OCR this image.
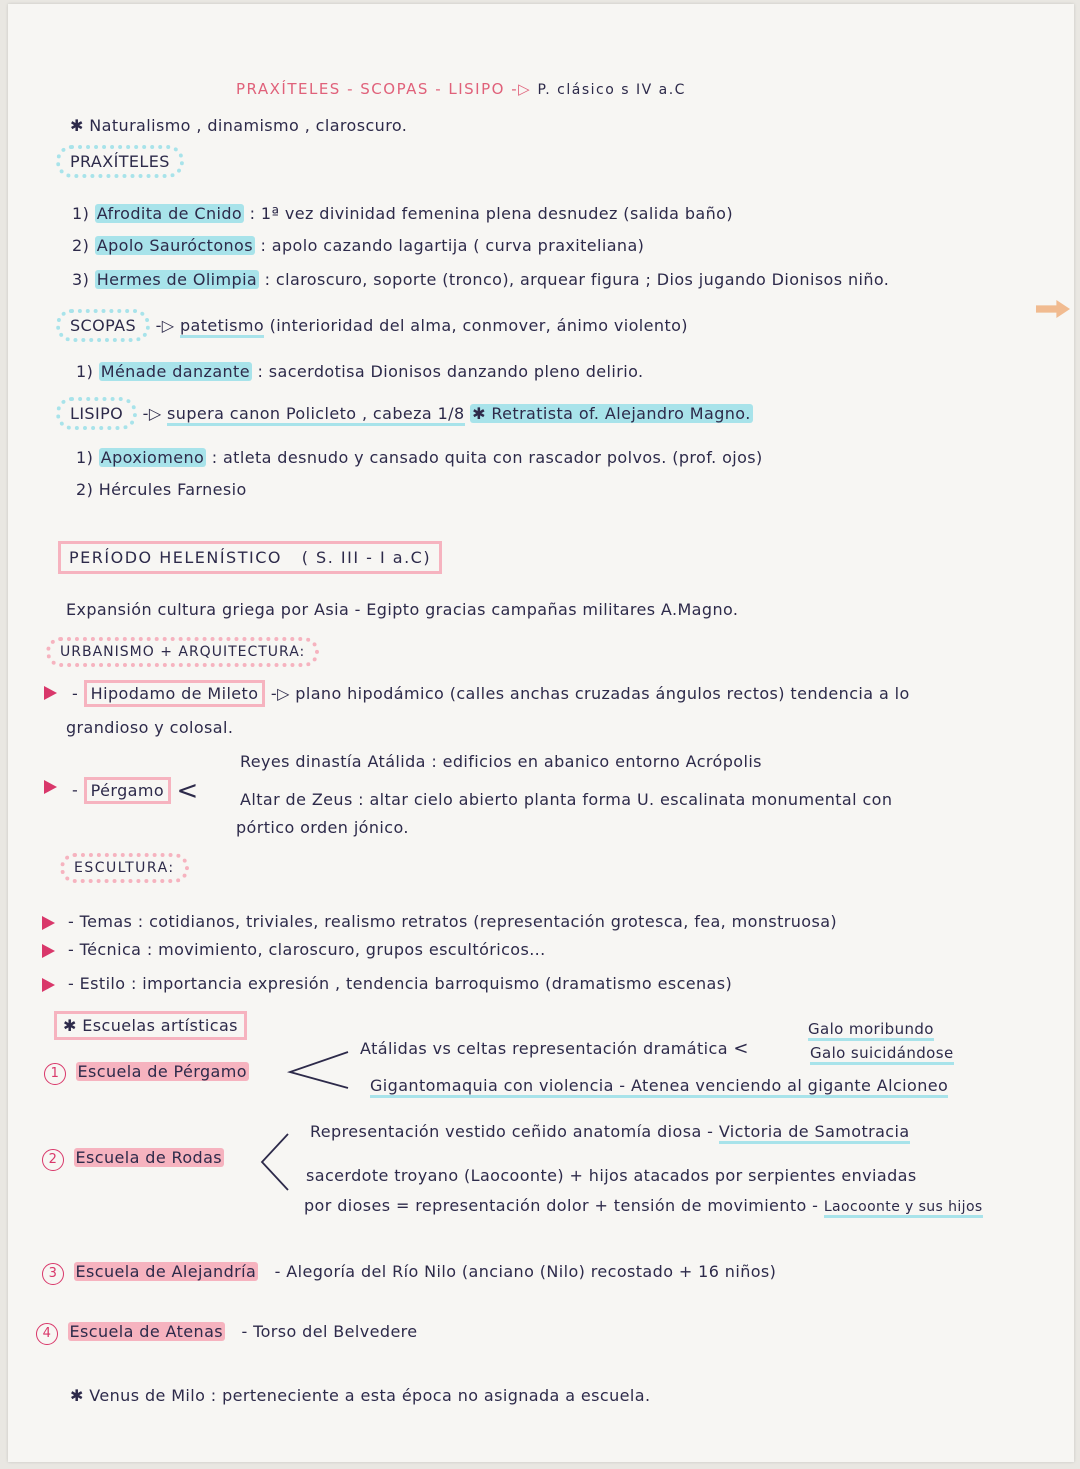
PRAXÍTELES - SCOPAS - LISIPO -▷ P. clásico s IV a.C
✱ Naturalismo , dinamismo , claroscuro.
PRAXÍTELES
1) Afrodita de Cnido : 1ª vez divinidad femenina plena desnudez (salida baño)
2) Apolo Sauróctonos : apolo cazando lagartija ( curva praxiteliana)
3) Hermes de Olimpia : claroscuro, soporte (tronco), arquear figura ; Dios jugando Dionisos niño.
SCOPAS -▷ patetismo (interioridad del alma, conmover, ánimo violento)
1) Ménade danzante : sacerdotisa Dionisos danzando pleno delirio.
LISIPO -▷ supera canon Policleto , cabeza 1/8 ✱ Retratista of. Alejandro Magno.
1) Apoxiomeno : atleta desnudo y cansado quita con rascador polvos. (prof. ojos)
2) Hércules Farnesio
PERÍODO HELENÍSTICO ( S. III - I a.C)
Expansión cultura griega por Asia - Egipto gracias campañas militares A.Magno.
URBANISMO + ARQUITECTURA:
- Hipodamo de Mileto -▷ plano hipodámico (calles anchas cruzadas ángulos rectos) tendencia a lo
grandioso y colosal.
- Pérgamo <
Reyes dinastía Atálida : edificios en abanico entorno Acrópolis
Altar de Zeus : altar cielo abierto planta forma U. escalinata monumental con
pórtico orden jónico.
ESCULTURA:
- Temas : cotidianos, triviales, realismo retratos (representación grotesca, fea, monstruosa)
- Técnica : movimiento, claroscuro, grupos escultóricos...
- Estilo : importancia expresión , tendencia barroquismo (dramatismo escenas)
✱ Escuelas artísticas
1 Escuela de Pérgamo
Atálidas vs celtas representación dramática <
Galo moribundo
Galo suicidándose
Gigantomaquia con violencia - Atenea venciendo al gigante Alcioneo
Representación vestido ceñido anatomía diosa - Victoria de Samotracia
2 Escuela de Rodas
sacerdote troyano (Laocoonte) + hijos atacados por serpientes enviadas
por dioses = representación dolor + tensión de movimiento - Laocoonte y sus hijos
3 Escuela de Alejandría - Alegoría del Río Nilo (anciano (Nilo) recostado + 16 niños)
4 Escuela de Atenas - Torso del Belvedere
✱ Venus de Milo : perteneciente a esta época no asignada a escuela.
